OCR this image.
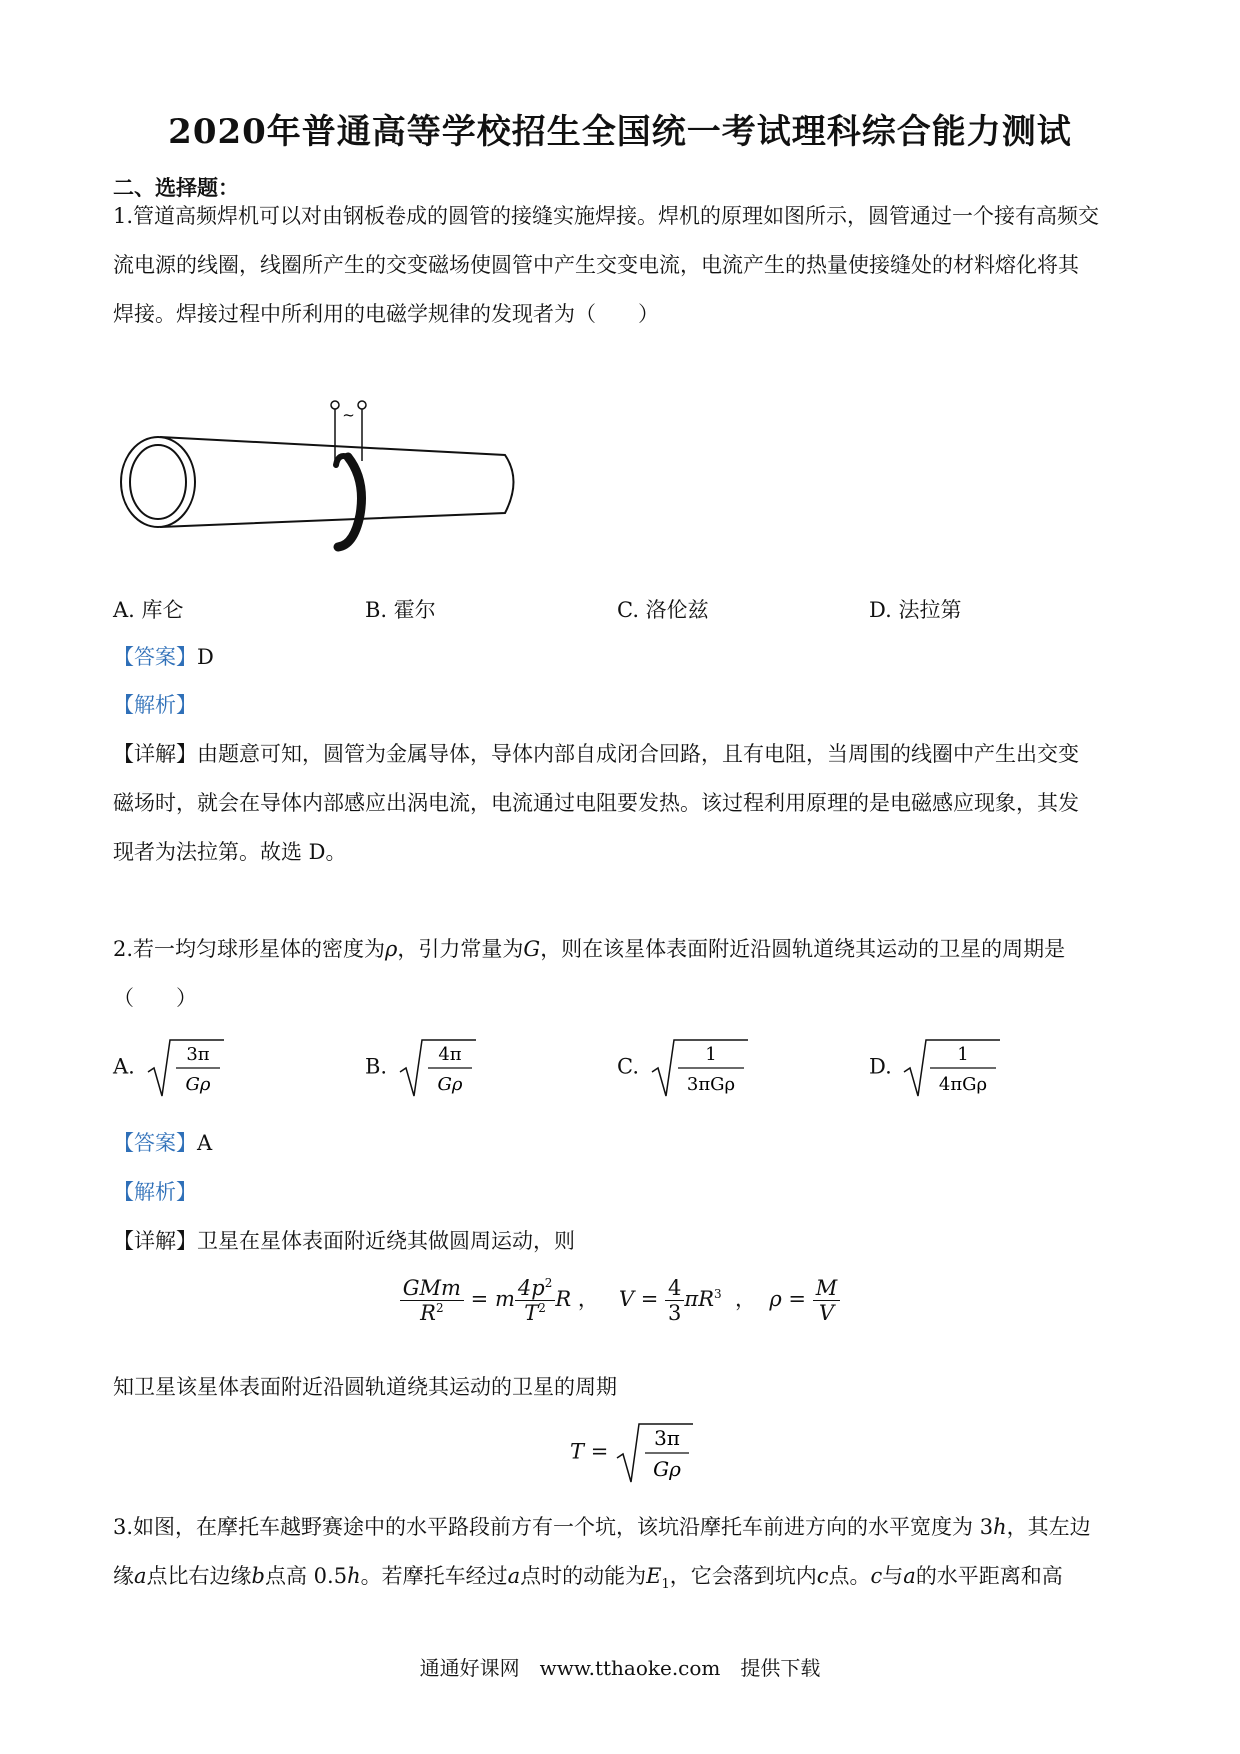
2020年普通高等学校招生全国统一考试理科综合能力测试
二、选择题：
1.管道高频焊机可以对由钢板卷成的圆管的接缝实施焊接。焊机的原理如图所示，圆管通过一个接有高频交
流电源的线圈，线圈所产生的交变磁场使圆管中产生交变电流，电流产生的热量使接缝处的材料熔化将其
焊接。焊接过程中所利用的电磁学规律的发现者为（　　）
~
A. 库仑	B. 霍尔	C. 洛伦兹	D. 法拉第
【答案】D
【解析】
【详解】由题意可知，圆管为金属导体，导体内部自成闭合回路，且有电阻，当周围的线圈中产生出交变
磁场时，就会在导体内部感应出涡电流，电流通过电阻要发热。该过程利用原理的是电磁感应现象，其发
现者为法拉第。故选 D。
2.若一均匀球形星体的密度为ρ，引力常量为G，则在该星体表面附近沿圆轨道绕其运动的卫星的周期是
（　　）
A.	3π
Gρ
B.	4π
Gρ
C.	1
3πGρ
D.	1
4πGρ
【答案】A
【解析】
【详解】卫星在星体表面附近绕其做圆周运动，则
$\frac{\text{GMm}}{R^2} = m \frac{4p^2}{T^2}$ R ， $V = \frac{4}{3} \pi R^3$ ， $\rho = \frac{M}{V}$
知卫星该星体表面附近沿圆轨道绕其运动的卫星的周期
T =
3π
Gρ
3.如图，在摩托车越野赛途中的水平路段前方有一个坑，该坑沿摩托车前进方向的水平宽度为 3h，其左边
缘a点比右边缘b点高 0.5h。若摩托车经过a点时的动能为$E_1$，它会落到坑内c点。c与a的水平距离和高
通通好课网　www.tthaoke.com　提供下载
